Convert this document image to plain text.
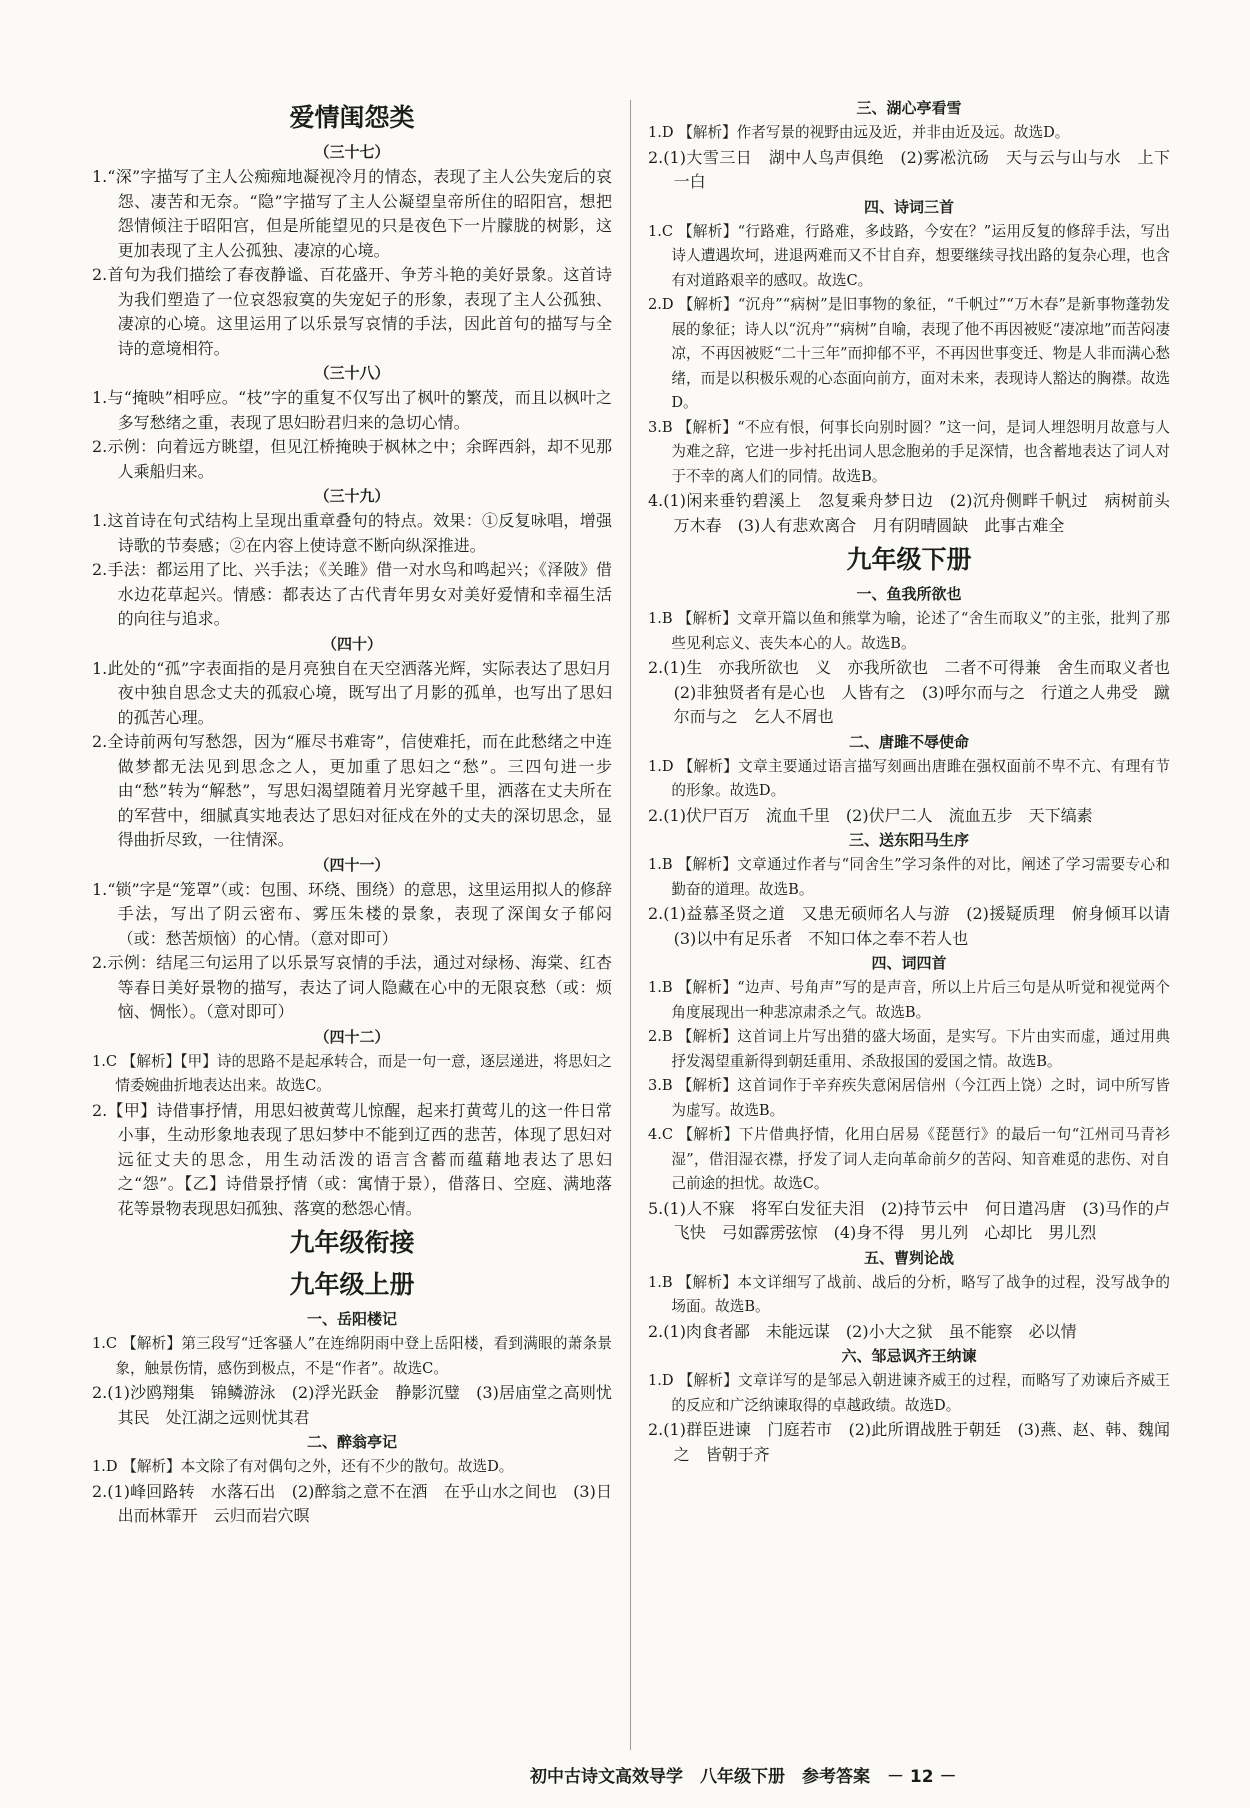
爱情闺怨类
（三十七）
1.“深”字描写了主人公痴痴地凝视冷月的情态，表现了主人公失宠后的哀怨、凄苦和无奈。“隐”字描写了主人公凝望皇帝所住的昭阳宫，想把怨情倾注于昭阳宫，但是所能望见的只是夜色下一片朦胧的树影，这更加表现了主人公孤独、凄凉的心境。
2.首句为我们描绘了春夜静谧、百花盛开、争芳斗艳的美好景象。这首诗为我们塑造了一位哀怨寂寞的失宠妃子的形象，表现了主人公孤独、凄凉的心境。这里运用了以乐景写哀情的手法，因此首句的描写与全诗的意境相符。
（三十八）
1.与“掩映”相呼应。“枝”字的重复不仅写出了枫叶的繁茂，而且以枫叶之多写愁绪之重，表现了思妇盼君归来的急切心情。
2.示例：向着远方眺望，但见江桥掩映于枫林之中；余晖西斜，却不见那人乘船归来。
（三十九）
1.这首诗在句式结构上呈现出重章叠句的特点。效果：①反复咏唱，增强诗歌的节奏感；②在内容上使诗意不断向纵深推进。
2.手法：都运用了比、兴手法；《关雎》借一对水鸟和鸣起兴；《泽陂》借水边花草起兴。情感：都表达了古代青年男女对美好爱情和幸福生活的向往与追求。
（四十）
1.此处的“孤”字表面指的是月亮独自在天空洒落光辉，实际表达了思妇月夜中独自思念丈夫的孤寂心境，既写出了月影的孤单，也写出了思妇的孤苦心理。
2.全诗前两句写愁怨，因为“雁尽书难寄”，信使难托，而在此愁绪之中连做梦都无法见到思念之人，更加重了思妇之“愁”。三四句进一步由“愁”转为“解愁”，写思妇渴望随着月光穿越千里，洒落在丈夫所在的军营中，细腻真实地表达了思妇对征戍在外的丈夫的深切思念，显得曲折尽致，一往情深。
（四十一）
1.“锁”字是“笼罩”（或：包围、环绕、围绕）的意思，这里运用拟人的修辞手法，写出了阴云密布、雾压朱楼的景象，表现了深闺女子郁闷（或：愁苦烦恼）的心情。（意对即可）
2.示例：结尾三句运用了以乐景写哀情的手法，通过对绿杨、海棠、红杏等春日美好景物的描写，表达了词人隐藏在心中的无限哀愁（或：烦恼、惆怅）。（意对即可）
（四十二）
1.C 【解析】【甲】诗的思路不是起承转合，而是一句一意，逐层递进，将思妇之情委婉曲折地表达出来。故选C。
2.【甲】诗借事抒情，用思妇被黄莺儿惊醒，起来打黄莺儿的这一件日常小事，生动形象地表现了思妇梦中不能到辽西的悲苦，体现了思妇对远征丈夫的思念，用生动活泼的语言含蓄而蕴藉地表达了思妇之“怨”。【乙】诗借景抒情（或：寓情于景），借落日、空庭、满地落花等景物表现思妇孤独、落寞的愁怨心情。
九年级衔接
九年级上册
一、岳阳楼记
1.C 【解析】第三段写“迁客骚人”在连绵阴雨中登上岳阳楼，看到满眼的萧条景象，触景伤情，感伤到极点，不是“作者”。故选C。
2.(1)沙鸥翔集　锦鳞游泳　(2)浮光跃金　静影沉璧　(3)居庙堂之高则忧其民　处江湖之远则忧其君
二、醉翁亭记
1.D 【解析】本文除了有对偶句之外，还有不少的散句。故选D。
2.(1)峰回路转　水落石出　(2)醉翁之意不在酒　在乎山水之间也　(3)日出而林霏开　云归而岩穴暝
三、湖心亭看雪
1.D 【解析】作者写景的视野由远及近，并非由近及远。故选D。
2.(1)大雪三日　湖中人鸟声俱绝　(2)雾凇沆砀　天与云与山与水　上下一白
四、诗词三首
1.C 【解析】“行路难，行路难，多歧路，今安在？”运用反复的修辞手法，写出诗人遭遇坎坷，进退两难而又不甘自弃，想要继续寻找出路的复杂心理，也含有对道路艰辛的感叹。故选C。
2.D 【解析】“沉舟”“病树”是旧事物的象征，“千帆过”“万木春”是新事物蓬勃发展的象征；诗人以“沉舟”“病树”自喻，表现了他不再因被贬“凄凉地”而苦闷凄凉，不再因被贬“二十三年”而抑郁不平，不再因世事变迁、物是人非而满心愁绪，而是以积极乐观的心态面向前方，面对未来，表现诗人豁达的胸襟。故选D。
3.B 【解析】“不应有恨，何事长向别时圆？”这一问，是词人埋怨明月故意与人为难之辞，它进一步衬托出词人思念胞弟的手足深情，也含蓄地表达了词人对于不幸的离人们的同情。故选B。
4.(1)闲来垂钓碧溪上　忽复乘舟梦日边　(2)沉舟侧畔千帆过　病树前头万木春　(3)人有悲欢离合　月有阴晴圆缺　此事古难全
九年级下册
一、鱼我所欲也
1.B 【解析】文章开篇以鱼和熊掌为喻，论述了“舍生而取义”的主张，批判了那些见利忘义、丧失本心的人。故选B。
2.(1)生　亦我所欲也　义　亦我所欲也　二者不可得兼　舍生而取义者也　(2)非独贤者有是心也　人皆有之　(3)呼尔而与之　行道之人弗受　蹴尔而与之　乞人不屑也
二、唐雎不辱使命
1.D 【解析】文章主要通过语言描写刻画出唐雎在强权面前不卑不亢、有理有节的形象。故选D。
2.(1)伏尸百万　流血千里　(2)伏尸二人　流血五步　天下缟素
三、送东阳马生序
1.B 【解析】文章通过作者与“同舍生”学习条件的对比，阐述了学习需要专心和勤奋的道理。故选B。
2.(1)益慕圣贤之道　又患无硕师名人与游　(2)援疑质理　俯身倾耳以请　(3)以中有足乐者　不知口体之奉不若人也
四、词四首
1.B 【解析】“边声、号角声”写的是声音，所以上片后三句是从听觉和视觉两个角度展现出一种悲凉肃杀之气。故选B。
2.B 【解析】这首词上片写出猎的盛大场面，是实写。下片由实而虚，通过用典抒发渴望重新得到朝廷重用、杀敌报国的爱国之情。故选B。
3.B 【解析】这首词作于辛弃疾失意闲居信州（今江西上饶）之时，词中所写皆为虚写。故选B。
4.C 【解析】下片借典抒情，化用白居易《琵琶行》的最后一句“江州司马青衫湿”，借泪湿衣襟，抒发了词人走向革命前夕的苦闷、知音难觅的悲伤、对自己前途的担忧。故选C。
5.(1)人不寐　将军白发征夫泪　(2)持节云中　何日遣冯唐　(3)马作的卢飞快　弓如霹雳弦惊　(4)身不得　男儿列　心却比　男儿烈
五、曹刿论战
1.B 【解析】本文详细写了战前、战后的分析，略写了战争的过程，没写战争的场面。故选B。
2.(1)肉食者鄙　未能远谋　(2)小大之狱　虽不能察　必以情
六、邹忌讽齐王纳谏
1.D 【解析】文章详写的是邹忌入朝进谏齐威王的过程，而略写了劝谏后齐威王的反应和广泛纳谏取得的卓越政绩。故选D。
2.(1)群臣进谏　门庭若市　(2)此所谓战胜于朝廷　(3)燕、赵、韩、魏闻之　皆朝于齐
初中古诗文高效导学　八年级下册　参考答案　－ 12 －
